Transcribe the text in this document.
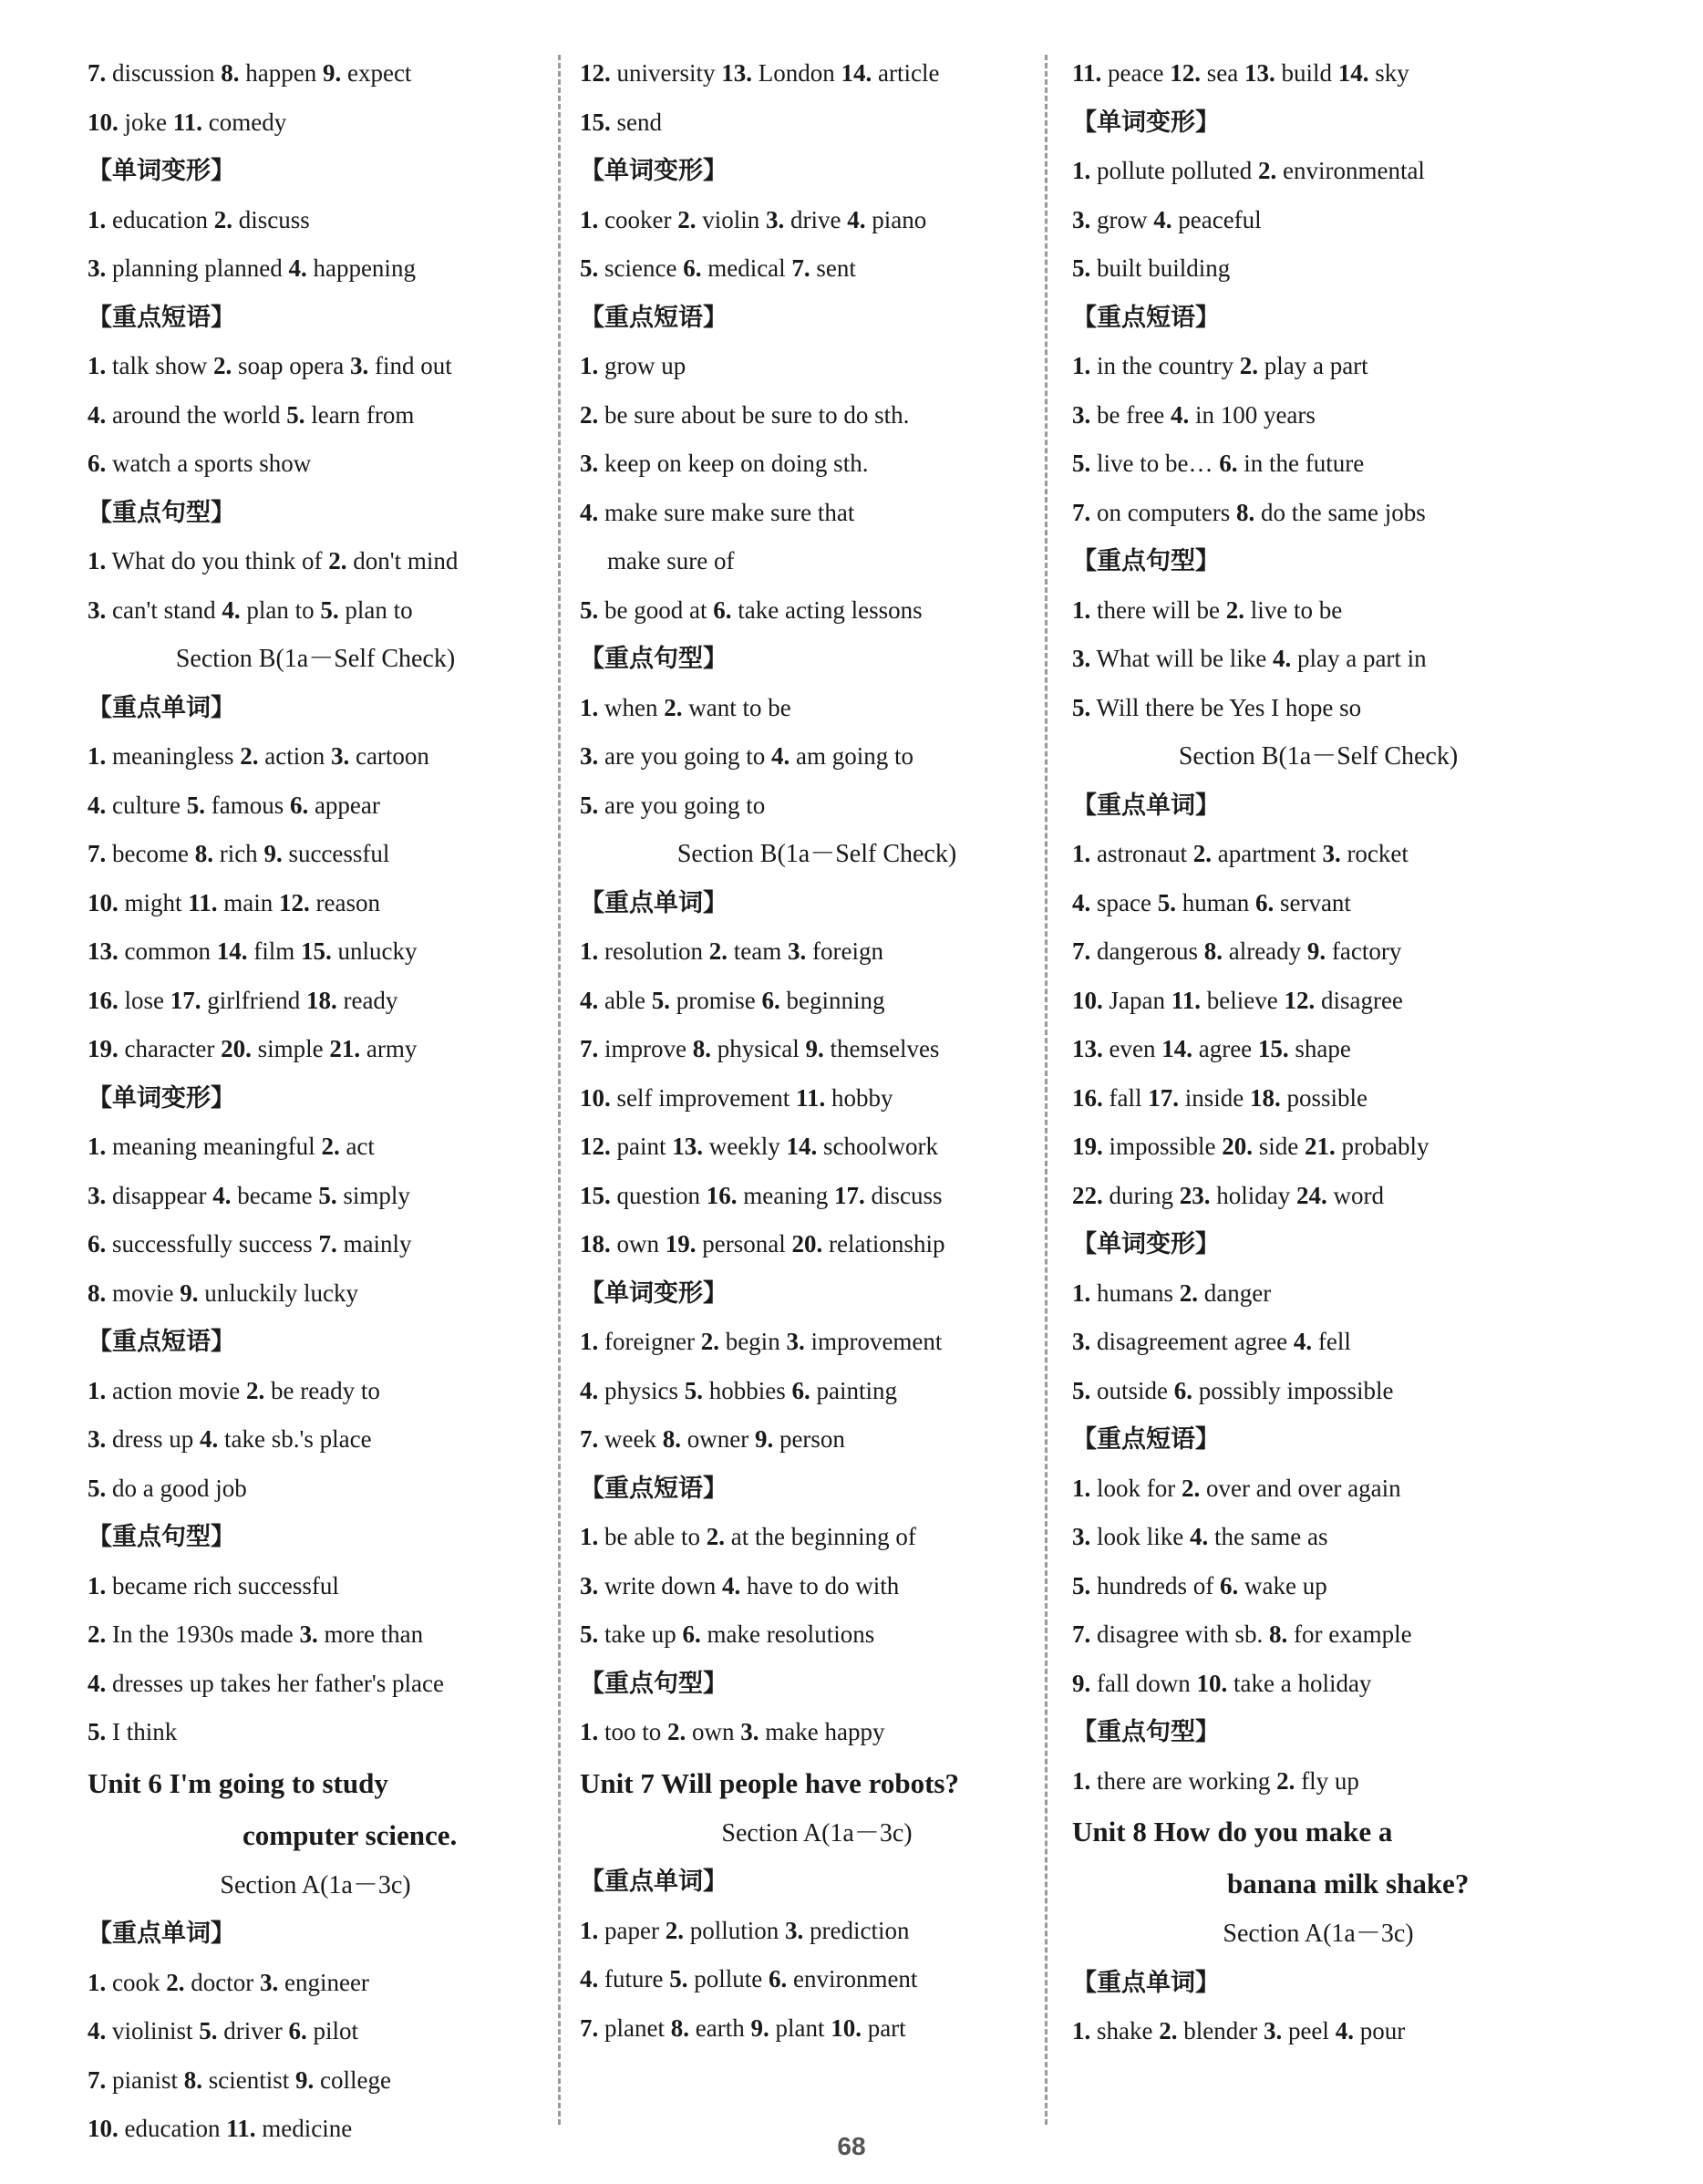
7. discussion 8. happen 9. expect
10. joke 11. comedy
【单词变形】
1. education 2. discuss
3. planning planned 4. happening
【重点短语】
1. talk show 2. soap opera 3. find out
4. around the world 5. learn from
6. watch a sports show
【重点句型】
1. What do you think of 2. don't mind
3. can't stand 4. plan to 5. plan to
Section B(1a－Self Check)
【重点单词】
1. meaningless 2. action 3. cartoon
4. culture 5. famous 6. appear
7. become 8. rich 9. successful
10. might 11. main 12. reason
13. common 14. film 15. unlucky
16. lose 17. girlfriend 18. ready
19. character 20. simple 21. army
【单词变形】
1. meaning meaningful 2. act
3. disappear 4. became 5. simply
6. successfully success 7. mainly
8. movie 9. unluckily lucky
【重点短语】
1. action movie 2. be ready to
3. dress up 4. take sb.'s place
5. do a good job
【重点句型】
1. became rich successful
2. In the 1930s made 3. more than
4. dresses up takes her father's place
5. I think
Unit 6 I'm going to study
computer science.
Section A(1a－3c)
【重点单词】
1. cook 2. doctor 3. engineer
4. violinist 5. driver 6. pilot
7. pianist 8. scientist 9. college
10. education 11. medicine
12. university 13. London 14. article
15. send
【单词变形】
1. cooker 2. violin 3. drive 4. piano
5. science 6. medical 7. sent
【重点短语】
1. grow up
2. be sure about be sure to do sth.
3. keep on keep on doing sth.
4. make sure make sure that
make sure of
5. be good at 6. take acting lessons
【重点句型】
1. when 2. want to be
3. are you going to 4. am going to
5. are you going to
Section B(1a－Self Check)
【重点单词】
1. resolution 2. team 3. foreign
4. able 5. promise 6. beginning
7. improve 8. physical 9. themselves
10. self improvement 11. hobby
12. paint 13. weekly 14. schoolwork
15. question 16. meaning 17. discuss
18. own 19. personal 20. relationship
【单词变形】
1. foreigner 2. begin 3. improvement
4. physics 5. hobbies 6. painting
7. week 8. owner 9. person
【重点短语】
1. be able to 2. at the beginning of
3. write down 4. have to do with
5. take up 6. make resolutions
【重点句型】
1. too to 2. own 3. make happy
Unit 7 Will people have robots?
Section A(1a－3c)
【重点单词】
1. paper 2. pollution 3. prediction
4. future 5. pollute 6. environment
7. planet 8. earth 9. plant 10. part
11. peace 12. sea 13. build 14. sky
【单词变形】
1. pollute polluted 2. environmental
3. grow 4. peaceful
5. built building
【重点短语】
1. in the country 2. play a part
3. be free 4. in 100 years
5. live to be… 6. in the future
7. on computers 8. do the same jobs
【重点句型】
1. there will be 2. live to be
3. What will be like 4. play a part in
5. Will there be Yes I hope so
Section B(1a－Self Check)
【重点单词】
1. astronaut 2. apartment 3. rocket
4. space 5. human 6. servant
7. dangerous 8. already 9. factory
10. Japan 11. believe 12. disagree
13. even 14. agree 15. shape
16. fall 17. inside 18. possible
19. impossible 20. side 21. probably
22. during 23. holiday 24. word
【单词变形】
1. humans 2. danger
3. disagreement agree 4. fell
5. outside 6. possibly impossible
【重点短语】
1. look for 2. over and over again
3. look like 4. the same as
5. hundreds of 6. wake up
7. disagree with sb. 8. for example
9. fall down 10. take a holiday
【重点句型】
1. there are working 2. fly up
Unit 8 How do you make a
banana milk shake?
Section A(1a－3c)
【重点单词】
1. shake 2. blender 3. peel 4. pour
68
